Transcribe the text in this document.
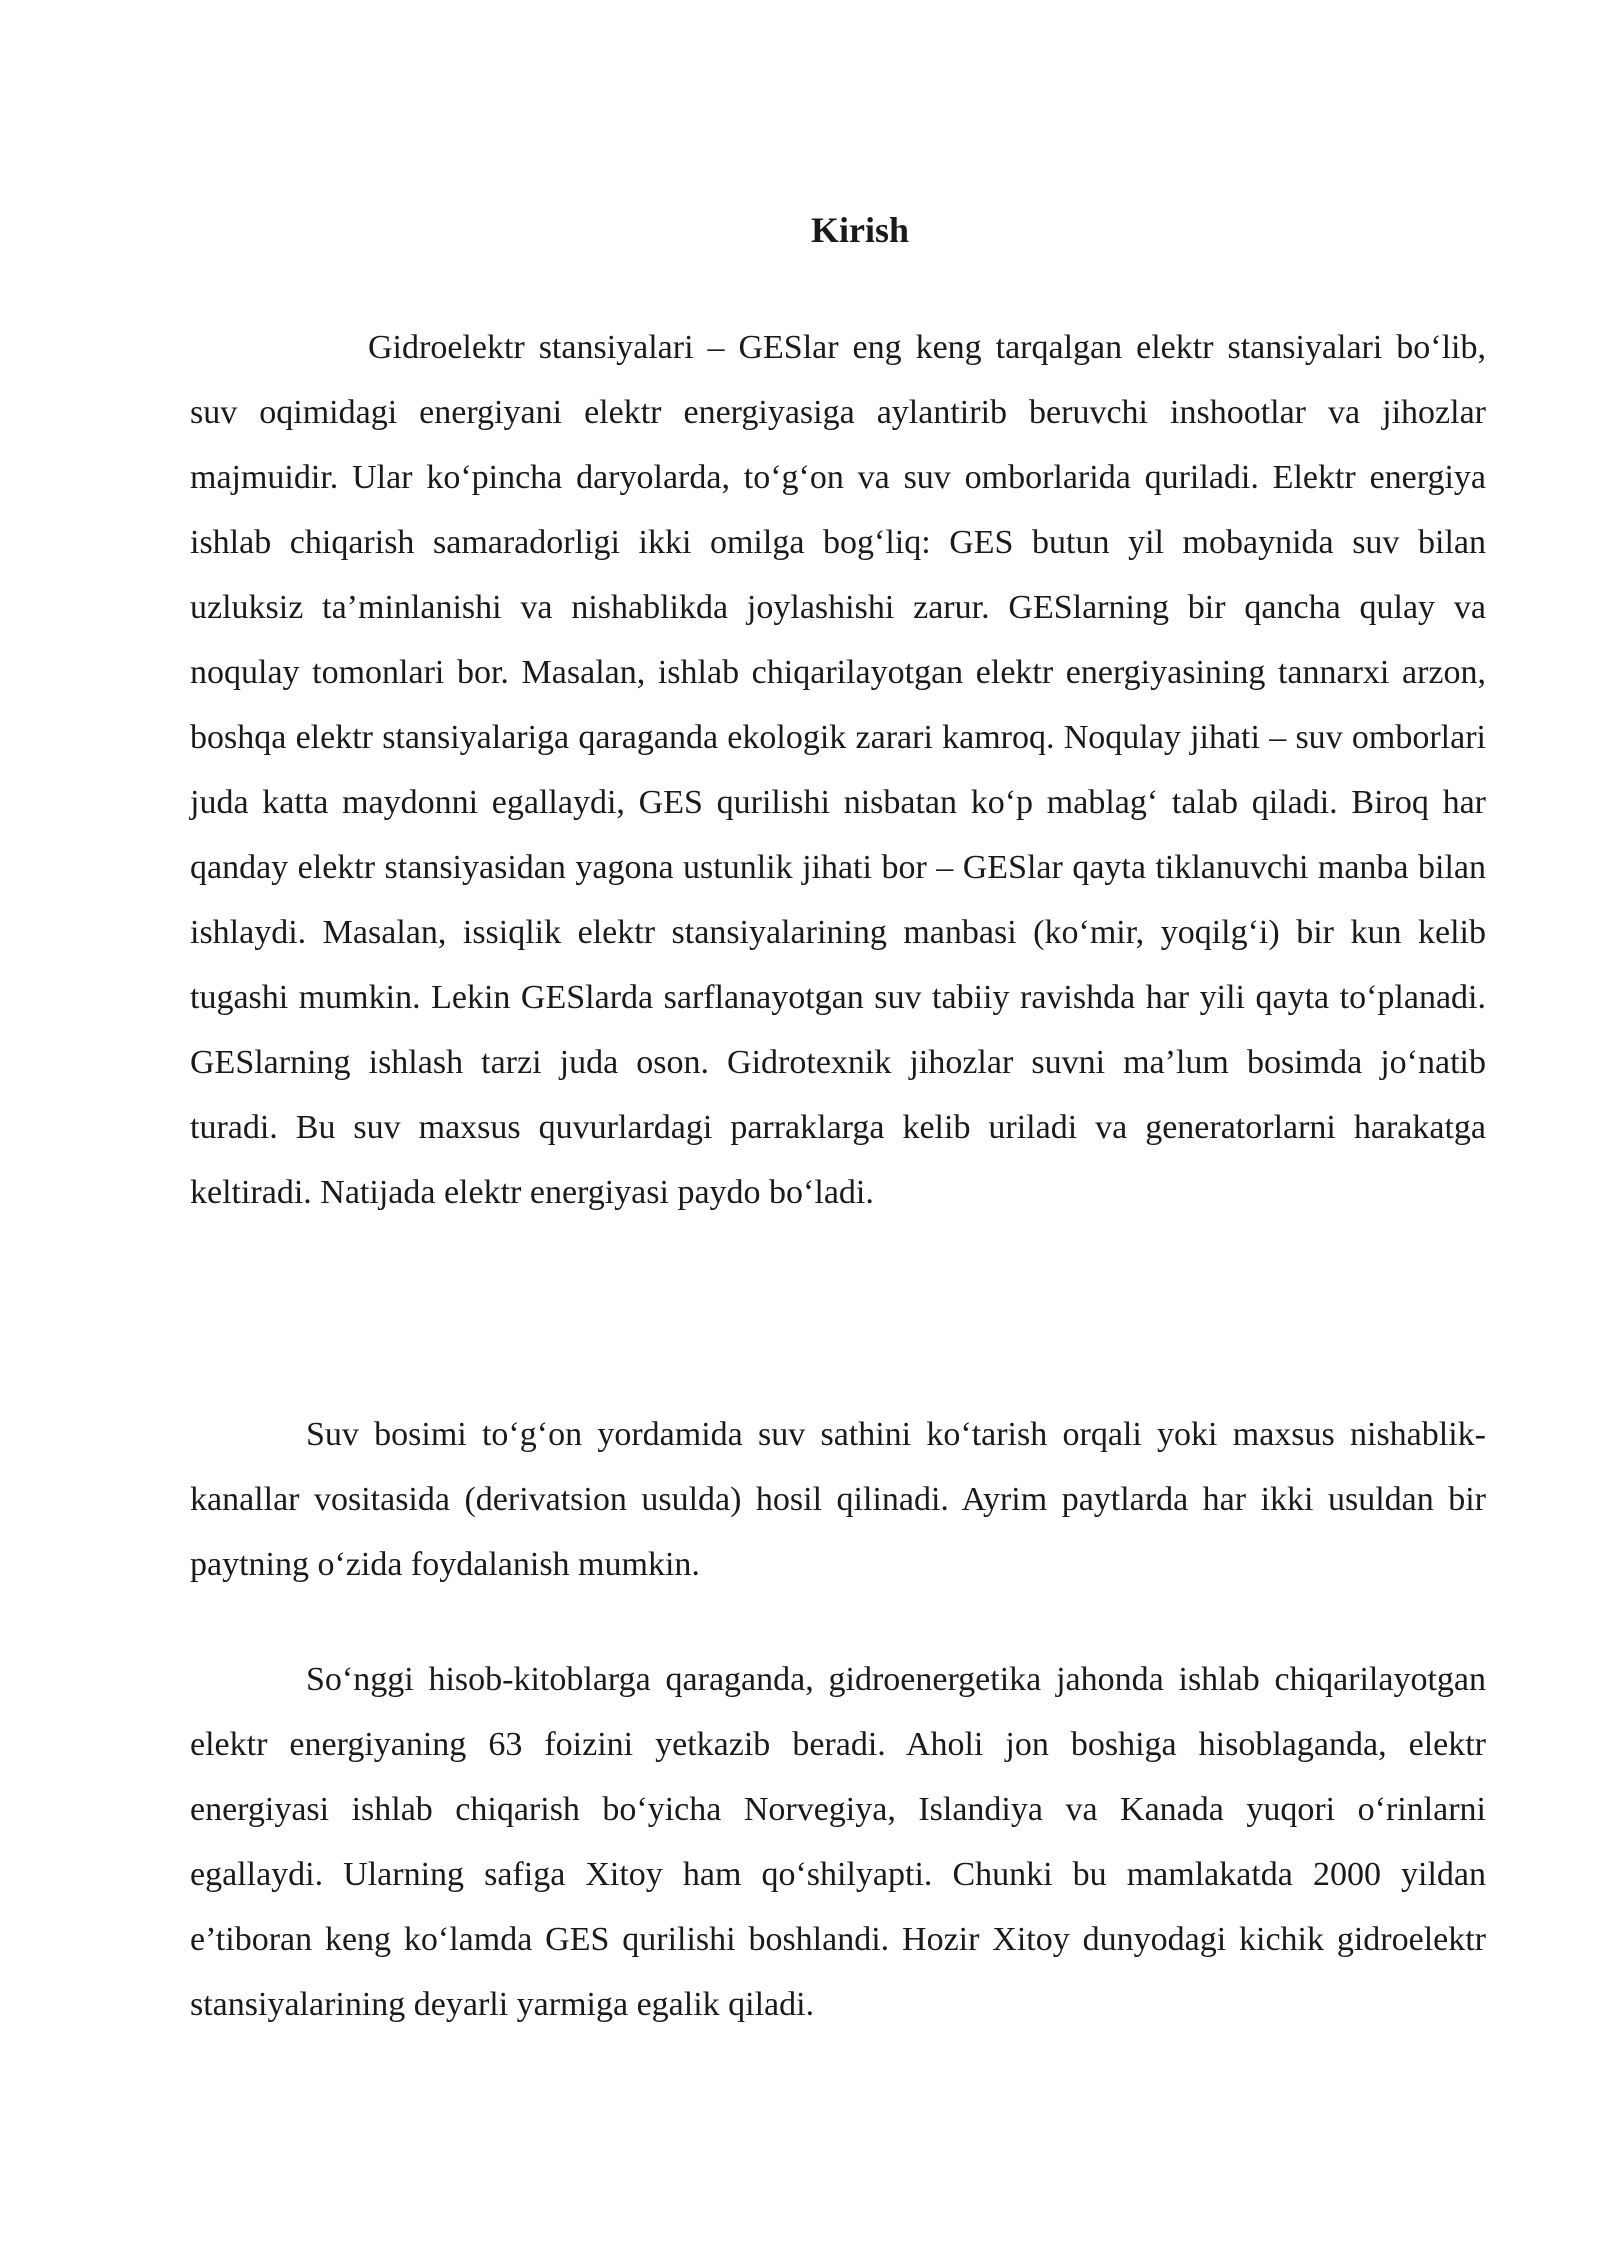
Kirish

Gidroelektr stansiyalari – GESlar eng keng tarqalgan elektr stansiyalari bo‘lib, suv oqimidagi energiyani elektr energiyasiga aylantirib beruvchi inshootlar va jihozlar majmuidir. Ular ko‘pincha daryolarda, to‘g‘on va suv omborlarida quriladi. Elektr energiya ishlab chiqarish samaradorligi ikki omilga bog‘liq: GES butun yil mobaynida suv bilan uzluksiz ta’minlanishi va nishablikda joylashishi zarur. GESlarning bir qancha qulay va noqulay tomonlari bor. Masalan, ishlab chiqarilayotgan elektr energiyasining tannarxi arzon, boshqa elektr stansiyalariga qaraganda ekologik zarari kamroq. Noqulay jihati – suv omborlari juda katta maydonni egallaydi, GES qurilishi nisbatan ko‘p mablag‘ talab qiladi. Biroq har qanday elektr stansiyasidan yagona ustunlik jihati bor – GESlar qayta tiklanuvchi manba bilan ishlaydi. Masalan, issiqlik elektr stansiyalarining manbasi (ko‘mir, yoqilg‘i) bir kun kelib tugashi mumkin. Lekin GESlarda sarflanayotgan suv tabiiy ravishda har yili qayta to‘planadi. GESlarning ishlash tarzi juda oson. Gidrotexnik jihozlar suvni ma’lum bosimda jo‘natib turadi. Bu suv maxsus quvurlardagi parraklarga kelib uriladi va generatorlarni harakatga keltiradi. Natijada elektr energiyasi paydo bo‘ladi.

Suv bosimi to‘g‘on yordamida suv sathini ko‘tarish orqali yoki maxsus nishablik-kanallar vositasida (derivatsion usulda) hosil qilinadi. Ayrim paytlarda har ikki usuldan bir paytning o‘zida foydalanish mumkin.

So‘nggi hisob-kitoblarga qaraganda, gidroenergetika jahonda ishlab chiqarilayotgan elektr energiyaning 63 foizini yetkazib beradi. Aholi jon boshiga hisoblaganda, elektr energiyasi ishlab chiqarish bo‘yicha Norvegiya, Islandiya va Kanada yuqori o‘rinlarni egallaydi. Ularning safiga Xitoy ham qo‘shilyapti. Chunki bu mamlakatda 2000 yildan e’tiboran keng ko‘lamda GES qurilishi boshlandi. Hozir Xitoy dunyodagi kichik gidroelektr stansiyalarining deyarli yarmiga egalik qiladi.
